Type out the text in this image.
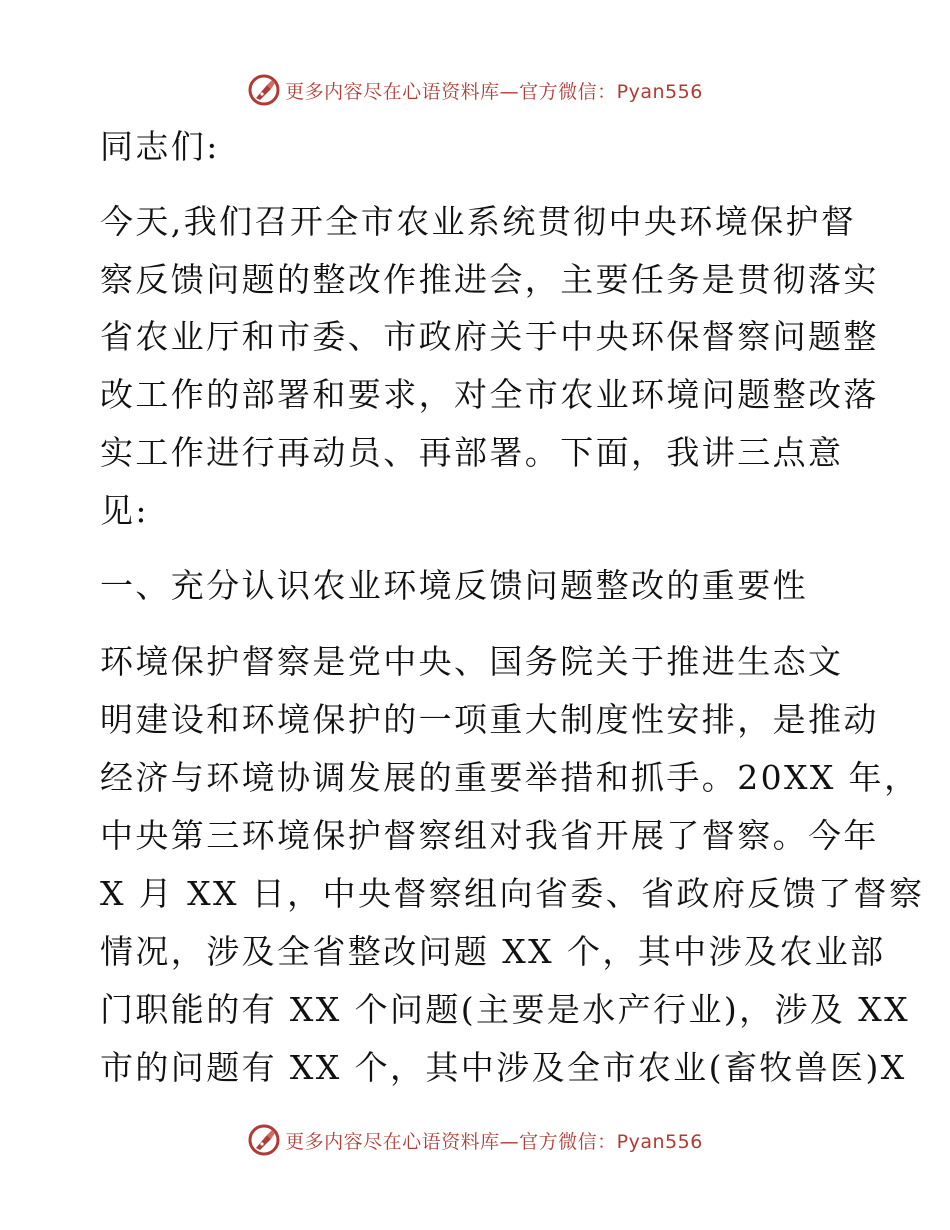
更多内容尽在心语资料库—官方微信：Pyan556
同志们:
今天,我们召开全市农业系统贯彻中央环境保护督
察反馈问题的整改作推进会，主要任务是贯彻落实
省农业厅和市委、市政府关于中央环保督察问题整
改工作的部署和要求，对全市农业环境问题整改落
实工作进行再动员、再部署。下面，我讲三点意
见:
一、充分认识农业环境反馈问题整改的重要性
环境保护督察是党中央、国务院关于推进生态文
明建设和环境保护的一项重大制度性安排，是推动
经济与环境协调发展的重要举措和抓手。20XX 年，
中央第三环境保护督察组对我省开展了督察。今年
X 月 XX 日，中央督察组向省委、省政府反馈了督察
情况，涉及全省整改问题 XX 个，其中涉及农业部
门职能的有 XX 个问题(主要是水产行业)，涉及 XX
市的问题有 XX 个，其中涉及全市农业(畜牧兽医)X
更多内容尽在心语资料库—官方微信：Pyan556
